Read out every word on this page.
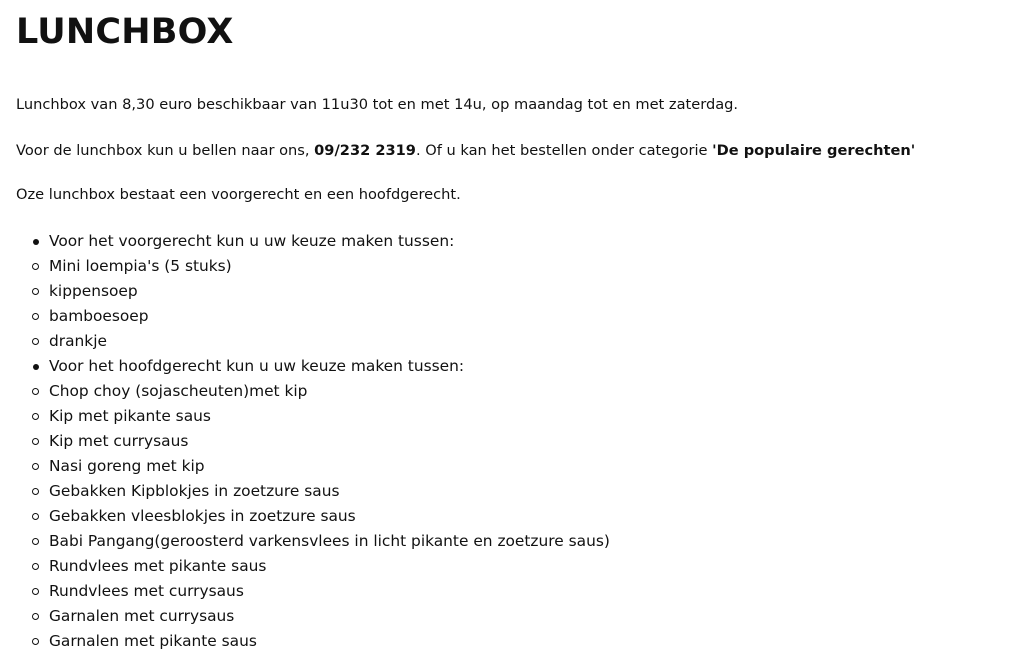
LUNCHBOX

Lunchbox van 8,30 euro beschikbaar van 11u30 tot en met 14u, op maandag tot en met zaterdag.

Voor de lunchbox kun u bellen naar ons, 09/232 2319. Of u kan het bestellen onder categorie 'De populaire gerechten'

Oze lunchbox bestaat een voorgerecht en een hoofdgerecht.

Voor het voorgerecht kun u uw keuze maken tussen:
Mini loempia's (5 stuks)
kippensoep
bamboesoep
drankje
Voor het hoofdgerecht kun u uw keuze maken tussen:
Chop choy (sojascheuten)met kip
Kip met pikante saus
Kip met currysaus
Nasi goreng met kip
Gebakken Kipblokjes in zoetzure saus
Gebakken vleesblokjes in zoetzure saus
Babi Pangang(geroosterd varkensvlees in licht pikante en zoetzure saus)
Rundvlees met pikante saus
Rundvlees met currysaus
Garnalen met currysaus
Garnalen met pikante saus
